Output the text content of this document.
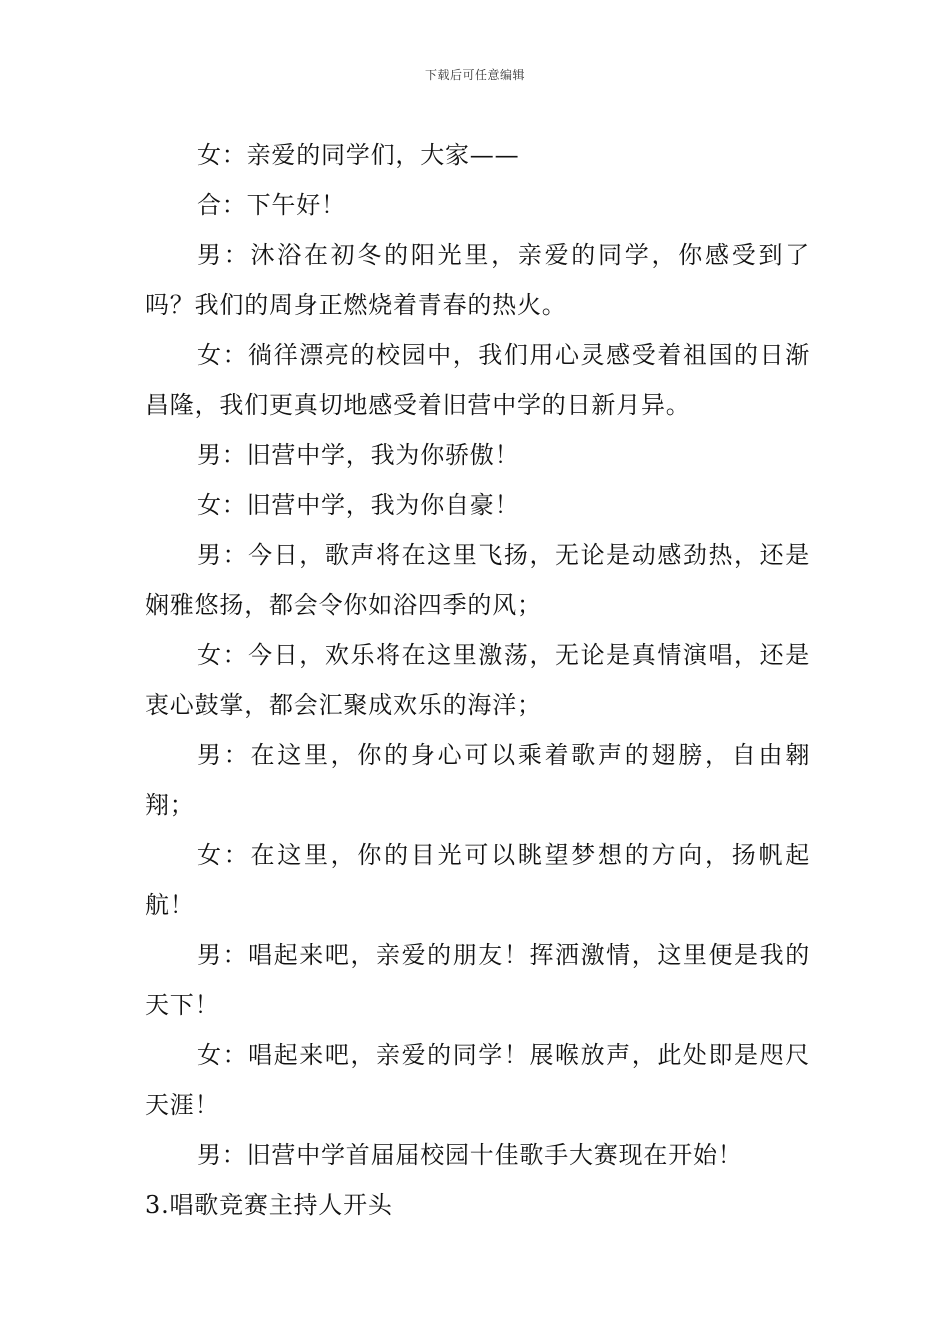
下载后可任意编辑

女：亲爱的同学们，大家——

合：下午好！

男：沐浴在初冬的阳光里，亲爱的同学，你感受到了吗？我们的周身正燃烧着青春的热火。

女：徜徉漂亮的校园中，我们用心灵感受着祖国的日渐昌隆，我们更真切地感受着旧营中学的日新月异。

男：旧营中学，我为你骄傲！

女：旧营中学，我为你自豪！

男：今日，歌声将在这里飞扬，无论是动感劲热，还是娴雅悠扬，都会令你如浴四季的风；

女：今日，欢乐将在这里激荡，无论是真情演唱，还是衷心鼓掌，都会汇聚成欢乐的海洋；

男：在这里，你的身心可以乘着歌声的翅膀，自由翱翔；

女：在这里，你的目光可以眺望梦想的方向，扬帆起航！

男：唱起来吧，亲爱的朋友！挥洒激情，这里便是我的天下！

女：唱起来吧，亲爱的同学！展喉放声，此处即是咫尺天涯！

男：旧营中学首届届校园十佳歌手大赛现在开始！

3.唱歌竞赛主持人开头
